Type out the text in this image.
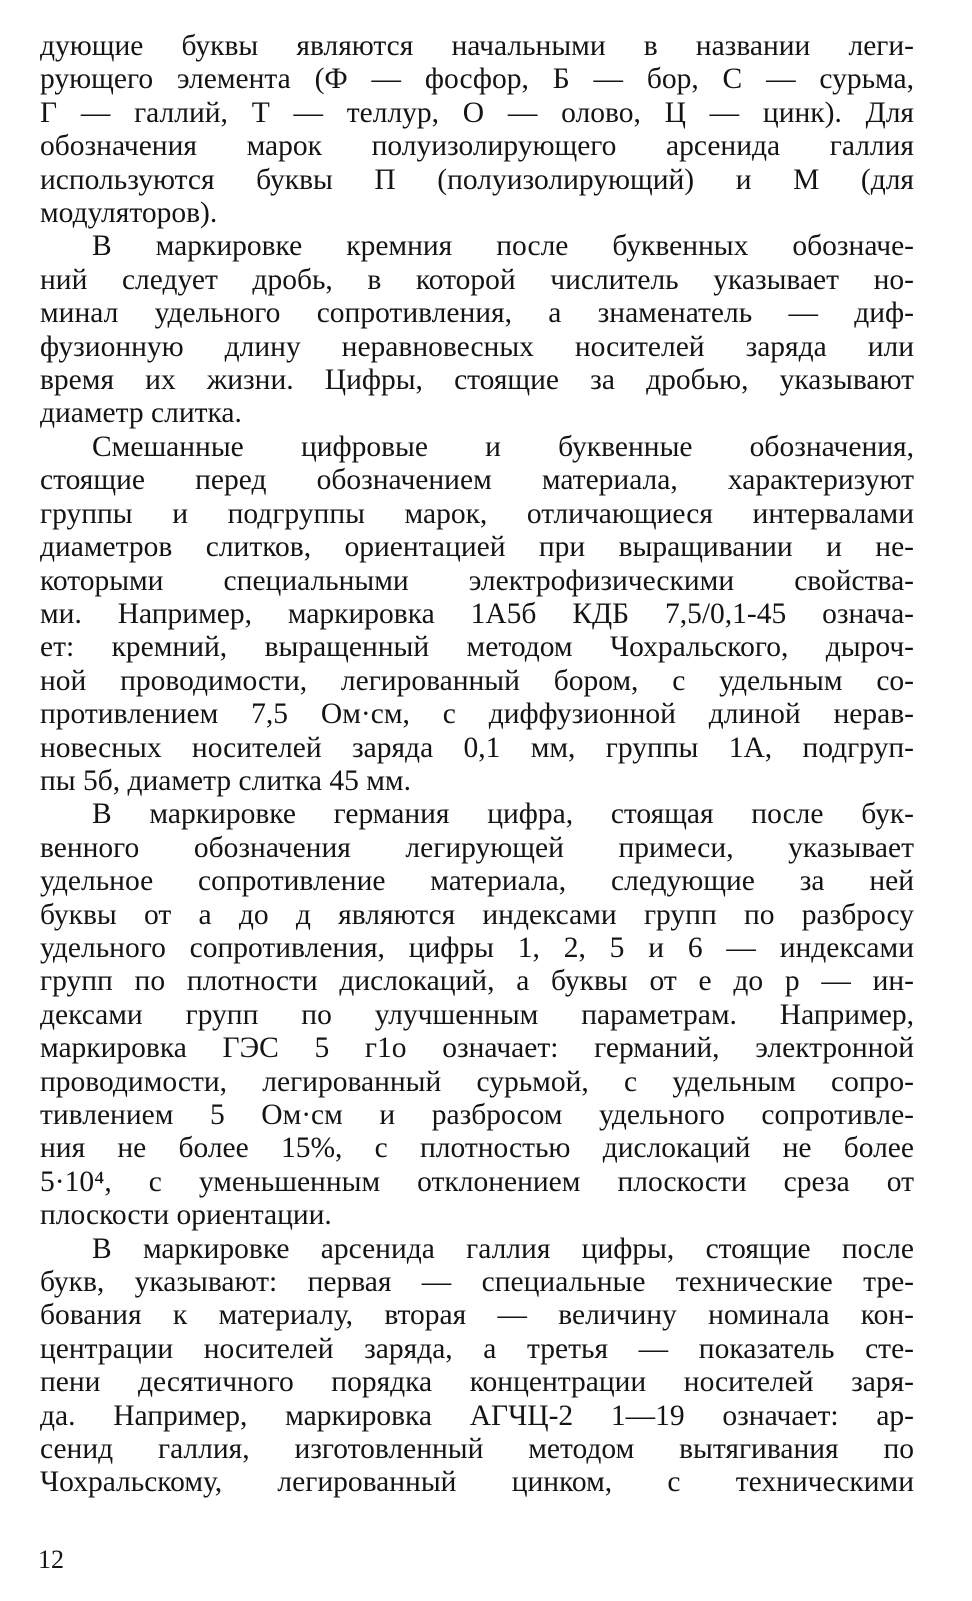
дующие буквы являются начальными в названии леги-
рующего элемента (Ф — фосфор, Б — бор, С — сурьма,
Г — галлий, Т — теллур, О — олово, Ц — цинк). Для
обозначения марок полуизолирующего арсенида галлия
используются буквы П (полуизолирующий) и М (для
модуляторов).
В маркировке кремния после буквенных обозначе-
ний следует дробь, в которой числитель указывает но-
минал удельного сопротивления, а знаменатель — диф-
фузионную длину неравновесных носителей заряда или
время их жизни. Цифры, стоящие за дробью, указывают
диаметр слитка.
Смешанные цифровые и буквенные обозначения,
стоящие перед обозначением материала, характеризуют
группы и подгруппы марок, отличающиеся интервалами
диаметров слитков, ориентацией при выращивании и не-
которыми специальными электрофизическими свойства-
ми. Например, маркировка 1А5б КДБ 7,5/0,1-45 означа-
ет: кремний, выращенный методом Чохральского, дыроч-
ной проводимости, легированный бором, с удельным со-
противлением 7,5 Ом·см, с диффузионной длиной нерав-
новесных носителей заряда 0,1 мм, группы 1А, подгруп-
пы 5б, диаметр слитка 45 мм.
В маркировке германия цифра, стоящая после бук-
венного обозначения легирующей примеси, указывает
удельное сопротивление материала, следующие за ней
буквы от а до д являются индексами групп по разбросу
удельного сопротивления, цифры 1, 2, 5 и 6 — индексами
групп по плотности дислокаций, а буквы от е до р — ин-
дексами групп по улучшенным параметрам. Например,
маркировка ГЭС 5 г1о означает: германий, электронной
проводимости, легированный сурьмой, с удельным сопро-
тивлением 5 Ом·см и разбросом удельного сопротивле-
ния не более 15%, с плотностью дислокаций не более
5·10⁴, с уменьшенным отклонением плоскости среза от
плоскости ориентации.
В маркировке арсенида галлия цифры, стоящие после
букв, указывают: первая — специальные технические тре-
бования к материалу, вторая — величину номинала кон-
центрации носителей заряда, а третья — показатель сте-
пени десятичного порядка концентрации носителей заря-
да. Например, маркировка АГЧЦ-2 1—19 означает: ар-
сенид галлия, изготовленный методом вытягивания по
Чохральскому, легированный цинком, с техническими
12
